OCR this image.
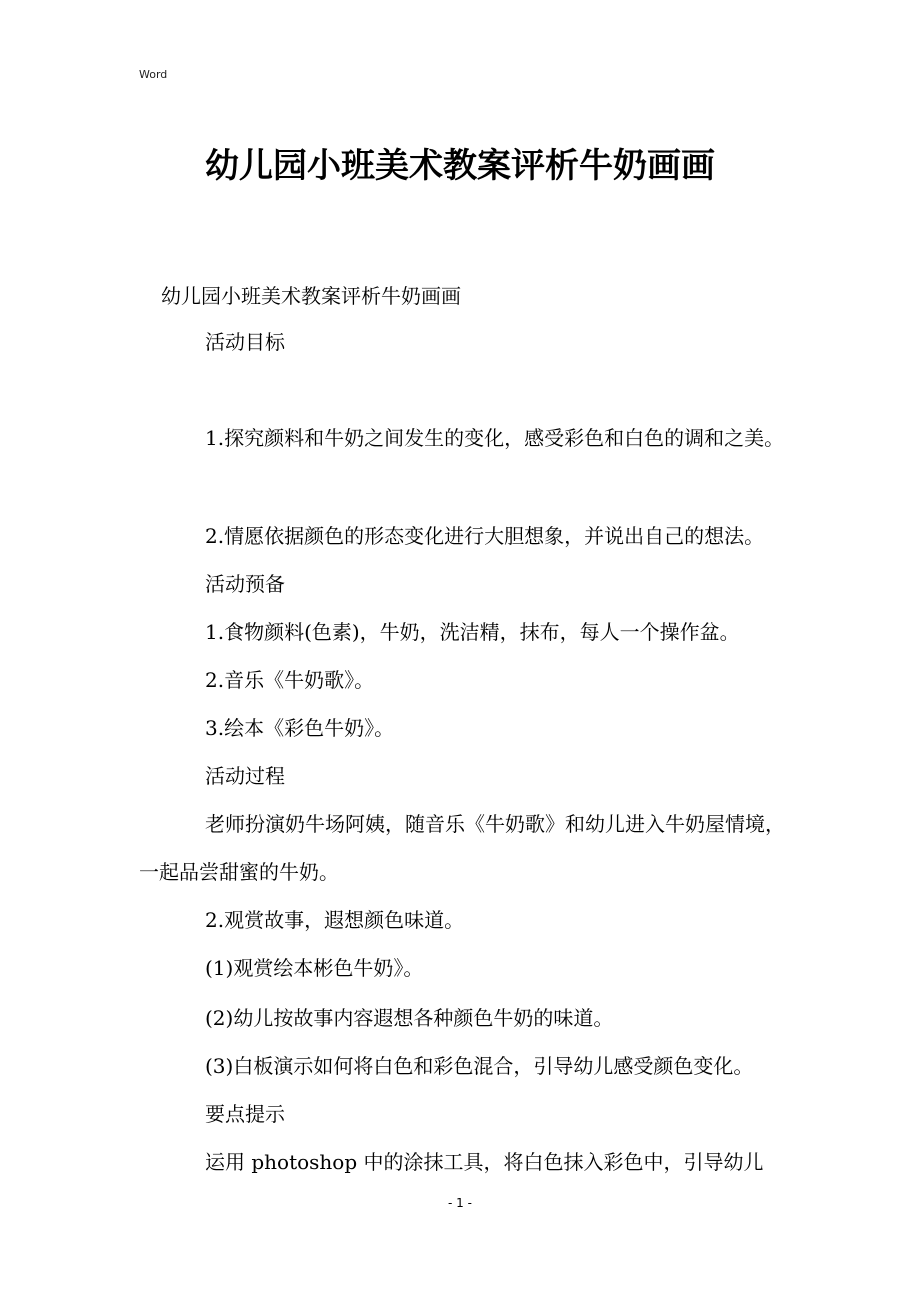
Word
幼儿园小班美术教案评析牛奶画画
幼儿园小班美术教案评析牛奶画画
活动目标
1.探究颜料和牛奶之间发生的变化，感受彩色和白色的调和之美。
2.情愿依据颜色的形态变化进行大胆想象，并说出自己的想法。
活动预备
1.食物颜料(色素)，牛奶，洗洁精，抹布，每人一个操作盆。
2.音乐《牛奶歌》。
3.绘本《彩色牛奶》。
活动过程
老师扮演奶牛场阿姨，随音乐《牛奶歌》和幼儿进入牛奶屋情境，一起品尝甜蜜的牛奶。
2.观赏故事，遐想颜色味道。
(1)观赏绘本彬色牛奶》。
(2)幼儿按故事内容遐想各种颜色牛奶的味道。
(3)白板演示如何将白色和彩色混合，引导幼儿感受颜色变化。
要点提示
运用 photoshop 中的涂抹工具，将白色抹入彩色中，引导幼儿
- 1 -
